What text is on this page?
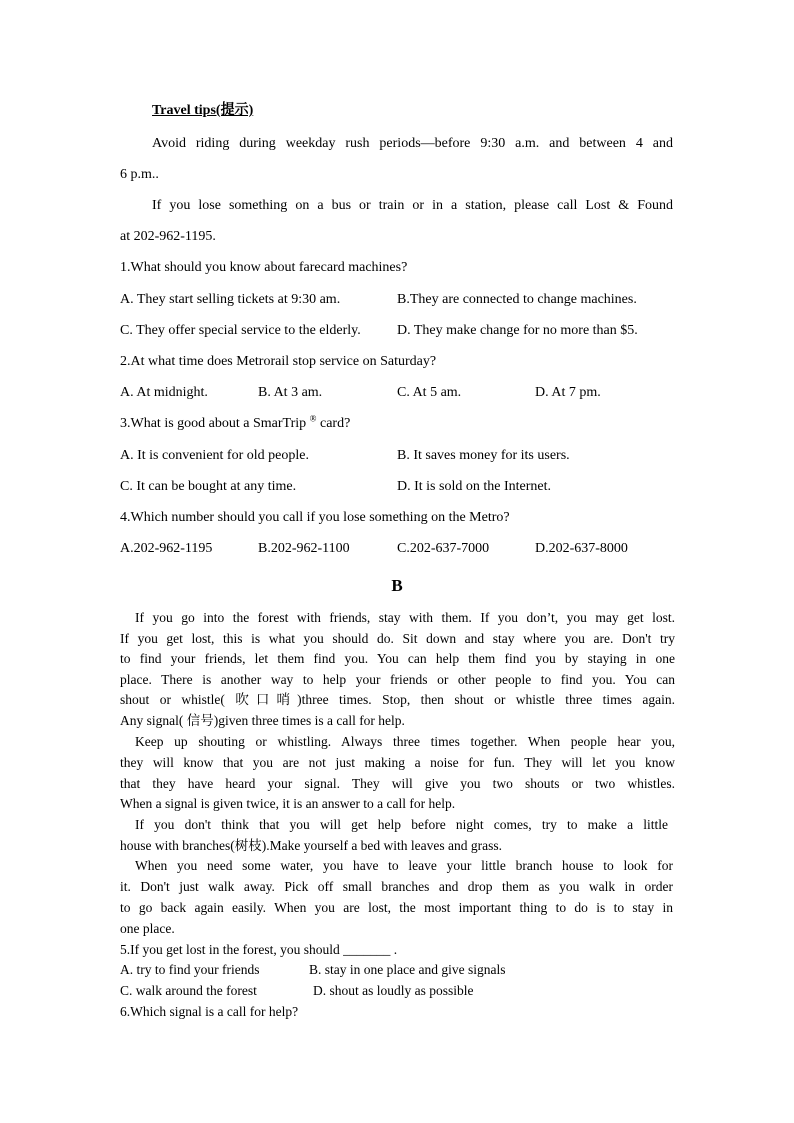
Travel tips(提示)
Avoid riding during weekday rush periods—before 9:30 a.m. and between 4 and
6 p.m..
If you lose something on a bus or train or in a station, please call Lost & Found
at 202-962-1195.
1.What should you know about farecard machines?
A. They start selling tickets at 9:30 am.	B.They are connected to change machines.
C. They offer special service to the elderly.	D. They make change for no more than $5.
2.At what time does Metrorail stop service on Saturday?
A. At midnight.	B. At 3 am.	C. At 5 am.	D. At 7 pm.
3.What is good about a SmarTrip ® card?
A. It is convenient for old people.	B. It saves money for its users.
C. It can be bought at any time.	D. It is sold on the Internet.
4.Which number should you call if you lose something on the Metro?
A.202-962-1195	B.202-962-1100	C.202-637-7000	D.202-637-8000
B
If you go into the forest with friends, stay with them. If you don’t, you may get lost.
If you get lost, this is what you should do. Sit down and stay where you are. Don't try
to find your friends, let them find you. You can help them find you by staying in one
place. There is another way to help your friends or other people to find you. You can
shout or whistle( 吹口哨)three times. Stop, then shout or whistle three times again.
Any signal( 信号)given three times is a call for help.
Keep up shouting or whistling. Always three times together. When people hear you,
they will know that you are not just making a noise for fun. They will let you know
that they have heard your signal. They will give you two shouts or two whistles.
When a signal is given twice, it is an answer to a call for help.
If you don't think that you will get help before night comes, try to make a little
house with branches(树枝).Make yourself a bed with leaves and grass.
When you need some water, you have to leave your little branch house to look for
it. Don't just walk away. Pick off small branches and drop them as you walk in order
to go back again easily. When you are lost, the most important thing to do is to stay in
one place.
5.If you get lost in the forest, you should _______ .
A. try to find your friends	B. stay in one place and give signals
C. walk around the forest	D. shout as loudly as possible
6.Which signal is a call for help?
